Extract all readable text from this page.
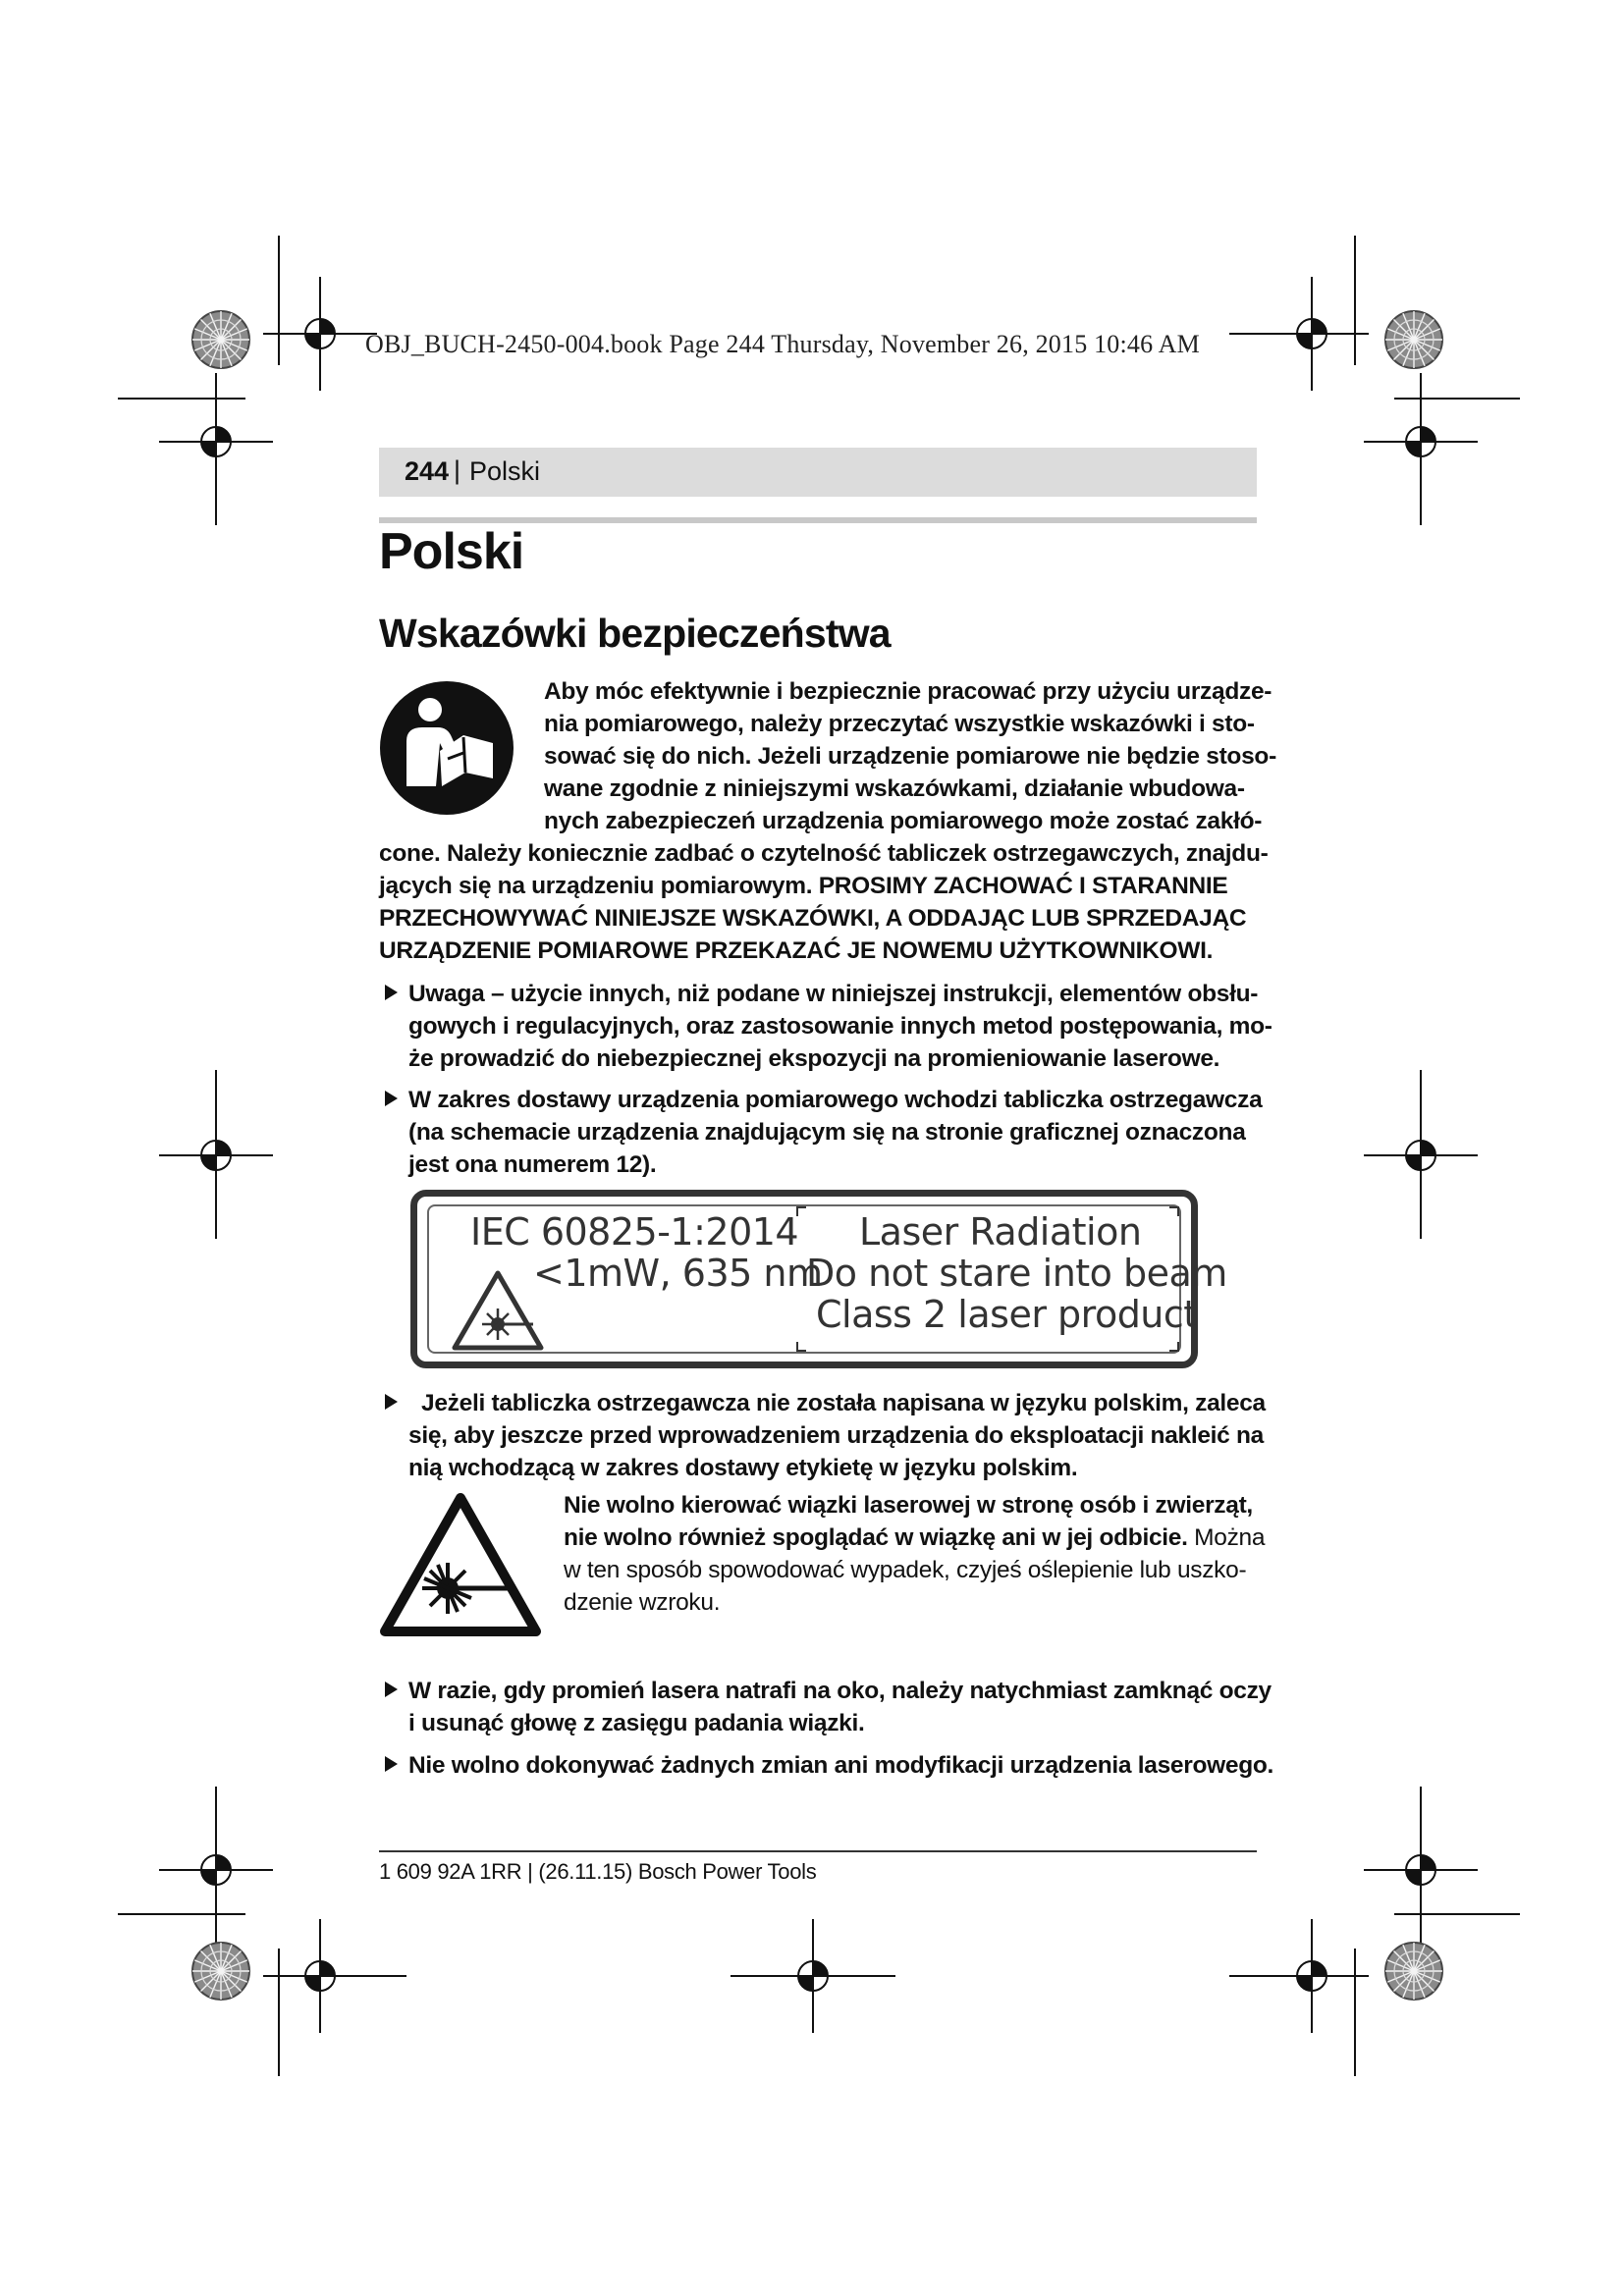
OBJ_BUCH-2450-004.book Page 244 Thursday, November 26, 2015 10:46 AM
244 | Polski
Polski
Wskazówki bezpieczeństwa
Aby móc efektywnie i bezpiecznie pracować przy użyciu urządze-
nia pomiarowego, należy przeczytać wszystkie wskazówki i sto-
sować się do nich. Jeżeli urządzenie pomiarowe nie będzie stoso-
wane zgodnie z niniejszymi wskazówkami, działanie wbudowa-
nych zabezpieczeń urządzenia pomiarowego może zostać zakłó-
cone. Należy koniecznie zadbać o czytelność tabliczek ostrzegawczych, znajdu-
jących się na urządzeniu pomiarowym. PROSIMY ZACHOWAĆ I STARANNIE
PRZECHOWYWAĆ NINIEJSZE WSKAZÓWKI, A ODDAJĄC LUB SPRZEDAJĄC
URZĄDZENIE POMIAROWE PRZEKAZAĆ JE NOWEMU UŻYTKOWNIKOWI.
Uwaga – użycie innych, niż podane w niniejszej instrukcji, elementów obsłu-
gowych i regulacyjnych, oraz zastosowanie innych metod postępowania, mo-
że prowadzić do niebezpiecznej ekspozycji na promieniowanie laserowe.
W zakres dostawy urządzenia pomiarowego wchodzi tabliczka ostrzegawcza
(na schemacie urządzenia znajdującym się na stronie graficznej oznaczona
jest ona numerem 12).
IEC 60825-1:2014
<1mW, 635 nm
Laser Radiation
Do not stare into beam
Class 2 laser product
Jeżeli tabliczka ostrzegawcza nie została napisana w języku polskim, zaleca
się, aby jeszcze przed wprowadzeniem urządzenia do eksploatacji nakleić na
nią wchodzącą w zakres dostawy etykietę w języku polskim.
Nie wolno kierować wiązki laserowej w stronę osób i zwierząt,
nie wolno również spoglądać w wiązkę ani w jej odbicie. Można
w ten sposób spowodować wypadek, czyjeś oślepienie lub uszko-
dzenie wzroku.
W razie, gdy promień lasera natrafi na oko, należy natychmiast zamknąć oczy
i usunąć głowę z zasięgu padania wiązki.
Nie wolno dokonywać żadnych zmian ani modyfikacji urządzenia laserowego.
1 609 92A 1RR | (26.11.15) Bosch Power Tools
